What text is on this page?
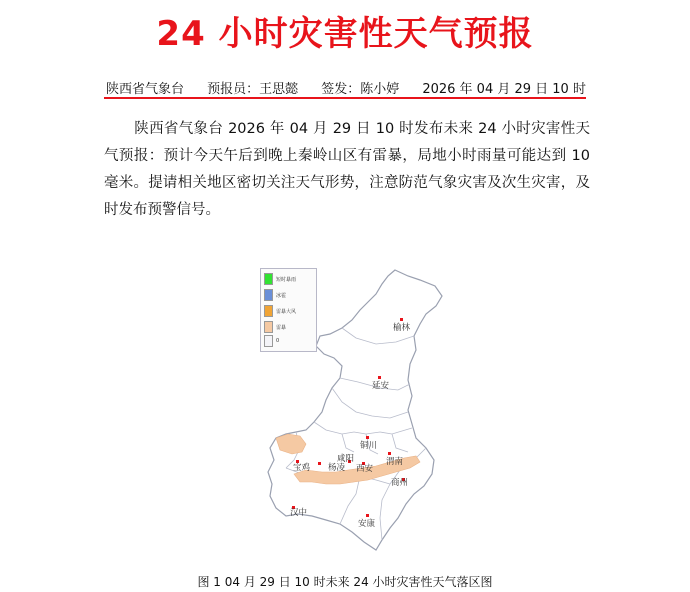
24 小时灾害性天气预报
陕西省气象台 预报员：王思懿 签发：陈小婷 2026 年 04 月 29 日 10 时
陕西省气象台 2026 年 04 月 29 日 10 时发布未来 24 小时灾害性天气预报：预计今天午后到晚上秦岭山区有雷暴，局地小时雨量可能达到 10 毫米。提请相关地区密切关注天气形势，注意防范气象灾害及次生灾害，及时发布预警信号。
短时暴雨
冰雹
雷暴大风
雷暴
0
榆林
延安
铜川
渭南
宝鸡 杨凌
咸阳
西安
商州
汉中
安康
图 1 04 月 29 日 10 时未来 24 小时灾害性天气落区图
